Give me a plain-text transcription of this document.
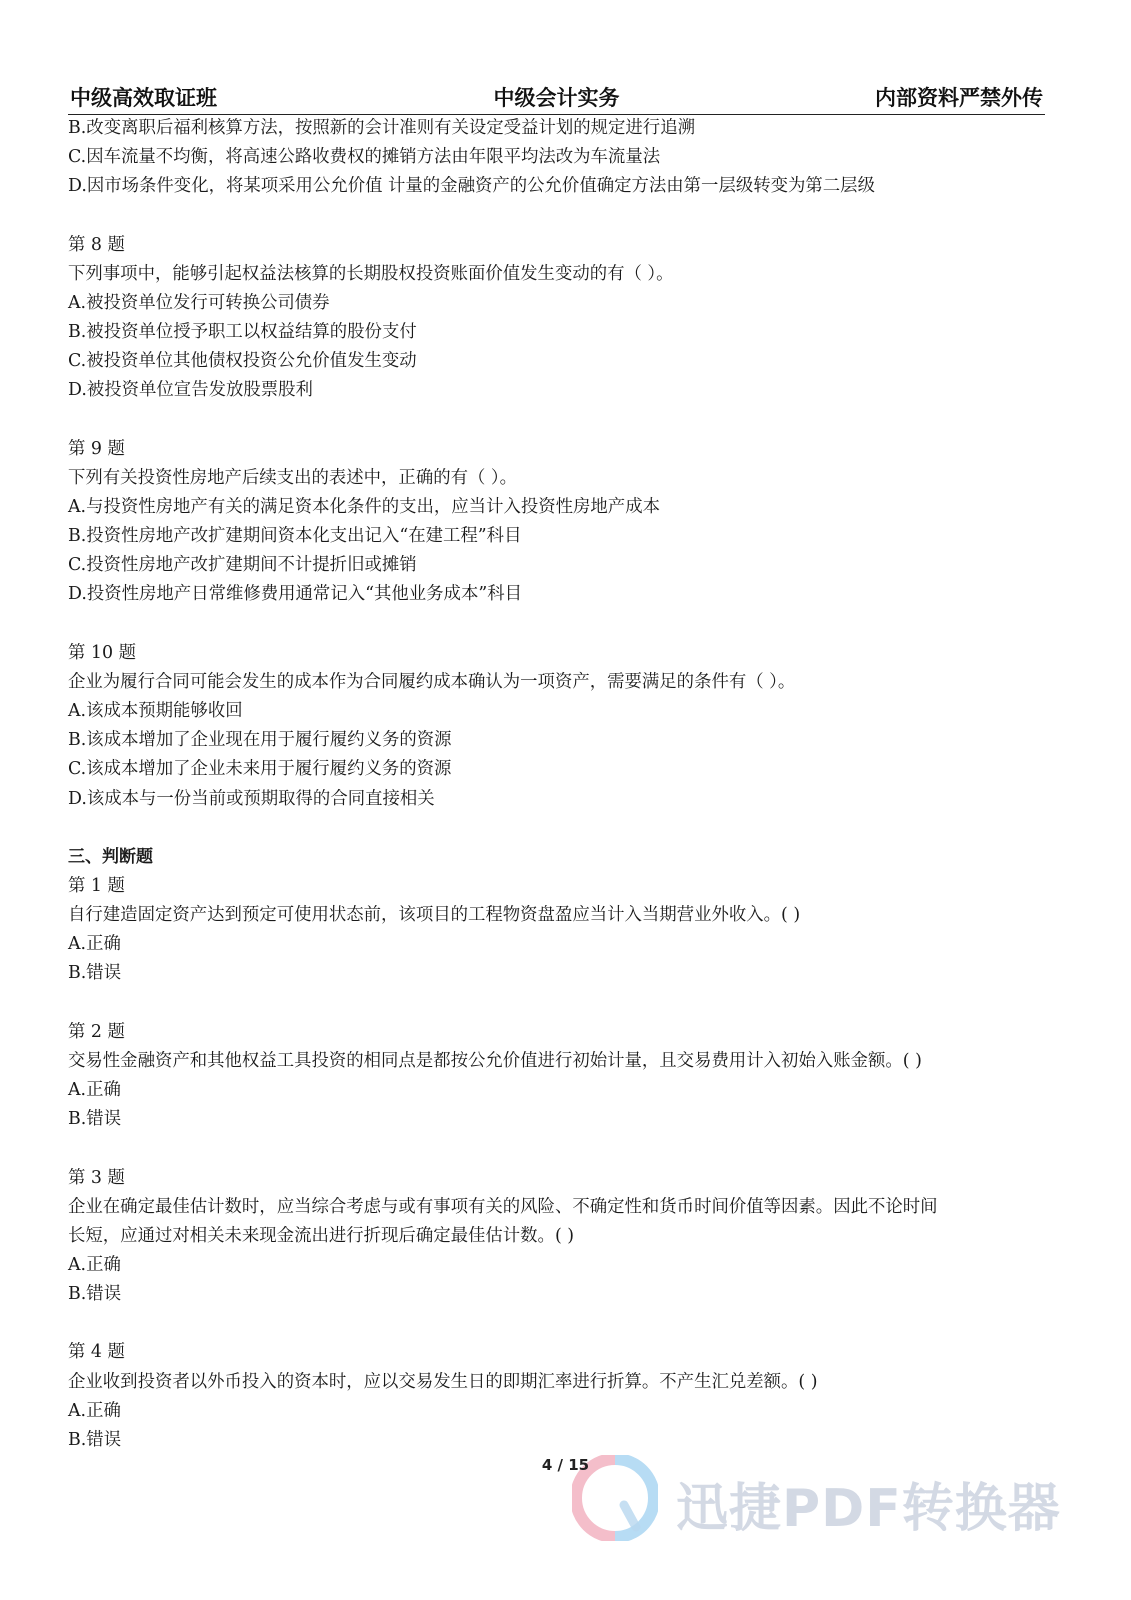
中级高效取证班	中级会计实务	内部资料严禁外传

B.改变离职后福利核算方法，按照新的会计准则有关设定受益计划的规定进行追溯

C.因车流量不均衡，将高速公路收费权的摊销方法由年限平均法改为车流量法

D.因市场条件变化，将某项采用公允价值 计量的金融资产的公允价值确定方法由第一层级转变为第二层级

第 8 题

下列事项中，能够引起权益法核算的长期股权投资账面价值发生变动的有（ ）。

A.被投资单位发行可转换公司债券

B.被投资单位授予职工以权益结算的股份支付

C.被投资单位其他债权投资公允价值发生变动

D.被投资单位宣告发放股票股利

第 9 题

下列有关投资性房地产后续支出的表述中，正确的有（ ）。

A.与投资性房地产有关的满足资本化条件的支出，应当计入投资性房地产成本

B.投资性房地产改扩建期间资本化支出记入“在建工程”科目

C.投资性房地产改扩建期间不计提折旧或摊销

D.投资性房地产日常维修费用通常记入“其他业务成本”科目

第 10 题

企业为履行合同可能会发生的成本作为合同履约成本确认为一项资产，需要满足的条件有（ ）。

A.该成本预期能够收回

B.该成本增加了企业现在用于履行履约义务的资源

C.该成本增加了企业未来用于履行履约义务的资源

D.该成本与一份当前或预期取得的合同直接相关

三、判断题

第 1 题

自行建造固定资产达到预定可使用状态前，该项目的工程物资盘盈应当计入当期营业外收入。( )

A.正确

B.错误

第 2 题

交易性金融资产和其他权益工具投资的相同点是都按公允价值进行初始计量，且交易费用计入初始入账金额。( )

A.正确

B.错误

第 3 题

企业在确定最佳估计数时，应当综合考虑与或有事项有关的风险、不确定性和货币时间价值等因素。因此不论时间

长短，应通过对相关未来现金流出进行折现后确定最佳估计数。( )

A.正确

B.错误

第 4 题

企业收到投资者以外币投入的资本时，应以交易发生日的即期汇率进行折算。不产生汇兑差额。( )

A.正确

B.错误

迅捷PDF转换器
4 / 15
